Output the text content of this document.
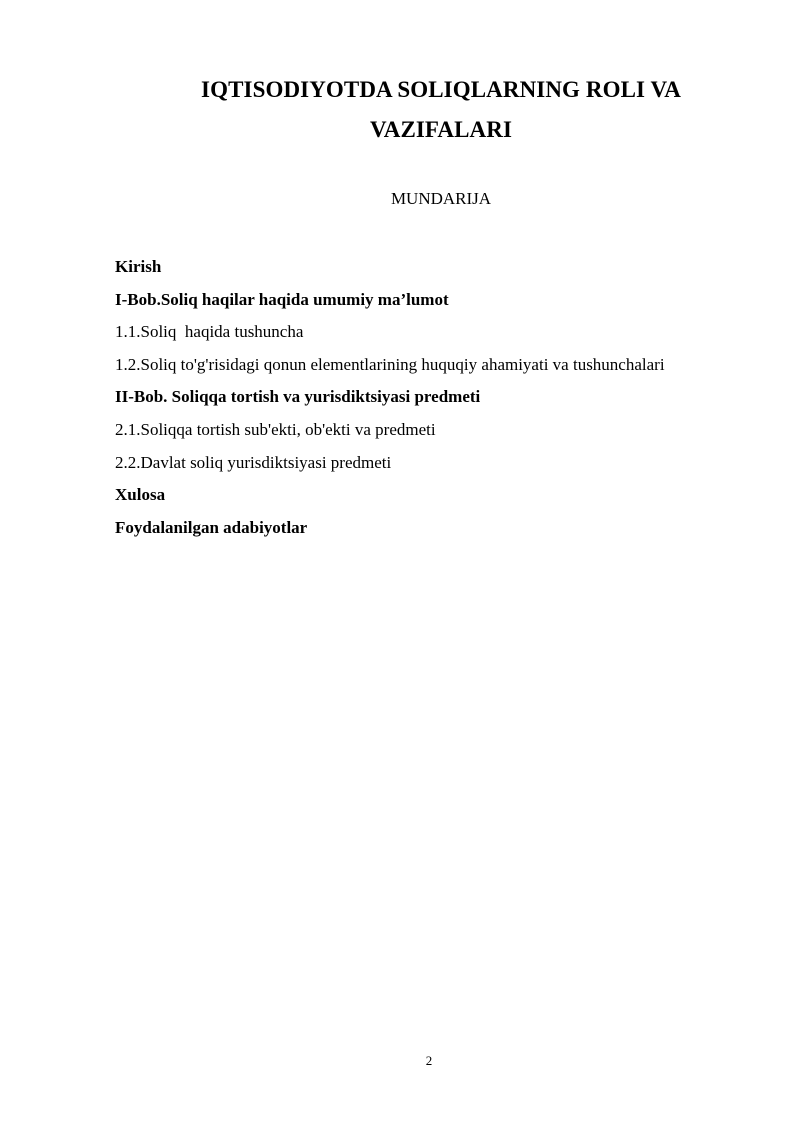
IQTISODIYOTDA SOLIQLARNING ROLI VA
VAZIFALARI
MUNDARIJA
Kirish
I-Bob.Soliq haqilar haqida umumiy ma’lumot
1.1.Soliq  haqida tushuncha
1.2.Soliq to'g'risidagi qonun elementlarining huquqiy ahamiyati va tushunchalari
II-Bob. Soliqqa tortish va yurisdiktsiyasi predmeti
2.1.Soliqqa tortish sub'ekti, ob'ekti va predmeti
2.2.Davlat soliq yurisdiktsiyasi predmeti
Xulosa
Foydalanilgan adabiyotlar
2
